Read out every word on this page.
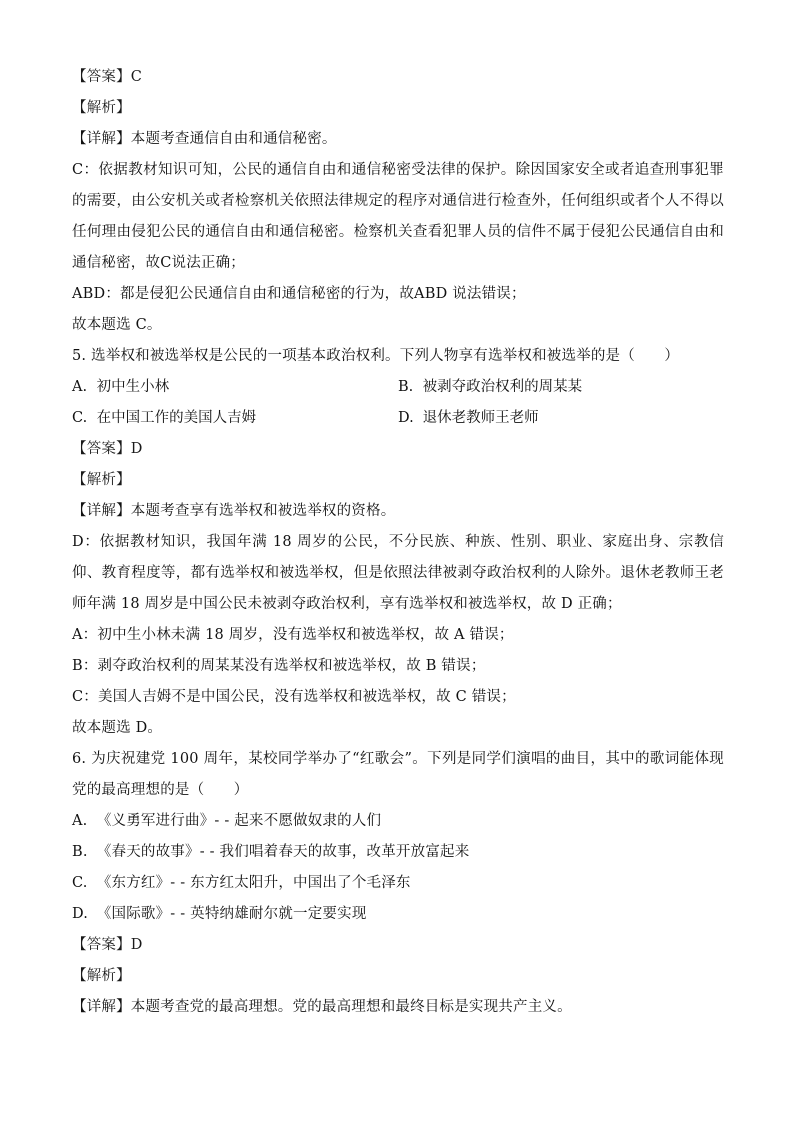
【答案】C
【解析】
【详解】本题考查通信自由和通信秘密。
C：依据教材知识可知，公民的通信自由和通信秘密受法律的保护。除因国家安全或者追查刑事犯罪的需要，由公安机关或者检察机关依照法律规定的程序对通信进行检查外，任何组织或者个人不得以任何理由侵犯公民的通信自由和通信秘密。检察机关查看犯罪人员的信件不属于侵犯公民通信自由和通信秘密，故C说法正确；
ABD：都是侵犯公民通信自由和通信秘密的行为，故ABD 说法错误；
故本题选 C。
5. 选举权和被选举权是公民的一项基本政治权利。下列人物享有选举权和被选举的是（　　）
A. 初中生小林	B. 被剥夺政治权利的周某某
C. 在中国工作的美国人吉姆	D. 退休老教师王老师
【答案】D
【解析】
【详解】本题考查享有选举权和被选举权的资格。
D：依据教材知识，我国年满 18 周岁的公民，不分民族、种族、性别、职业、家庭出身、宗教信仰、教育程度等，都有选举权和被选举权，但是依照法律被剥夺政治权利的人除外。退休老教师王老师年满 18 周岁是中国公民未被剥夺政治权利，享有选举权和被选举权，故 D 正确；
A：初中生小林未满 18 周岁，没有选举权和被选举权，故 A 错误；
B：剥夺政治权利的周某某没有选举权和被选举权，故 B 错误；
C：美国人吉姆不是中国公民，没有选举权和被选举权，故 C 错误；
故本题选 D。
6. 为庆祝建党 100 周年，某校同学举办了“红歌会”。下列是同学们演唱的曲目，其中的歌词能体现党的最高理想的是（　　）
A. 《义勇军进行曲》- - 起来不愿做奴隶的人们
B. 《春天的故事》- - 我们唱着春天的故事，改革开放富起来
C. 《东方红》- - 东方红太阳升，中国出了个毛泽东
D. 《国际歌》- - 英特纳雄耐尔就一定要实现
【答案】D
【解析】
【详解】本题考查党的最高理想。党的最高理想和最终目标是实现共产主义。
